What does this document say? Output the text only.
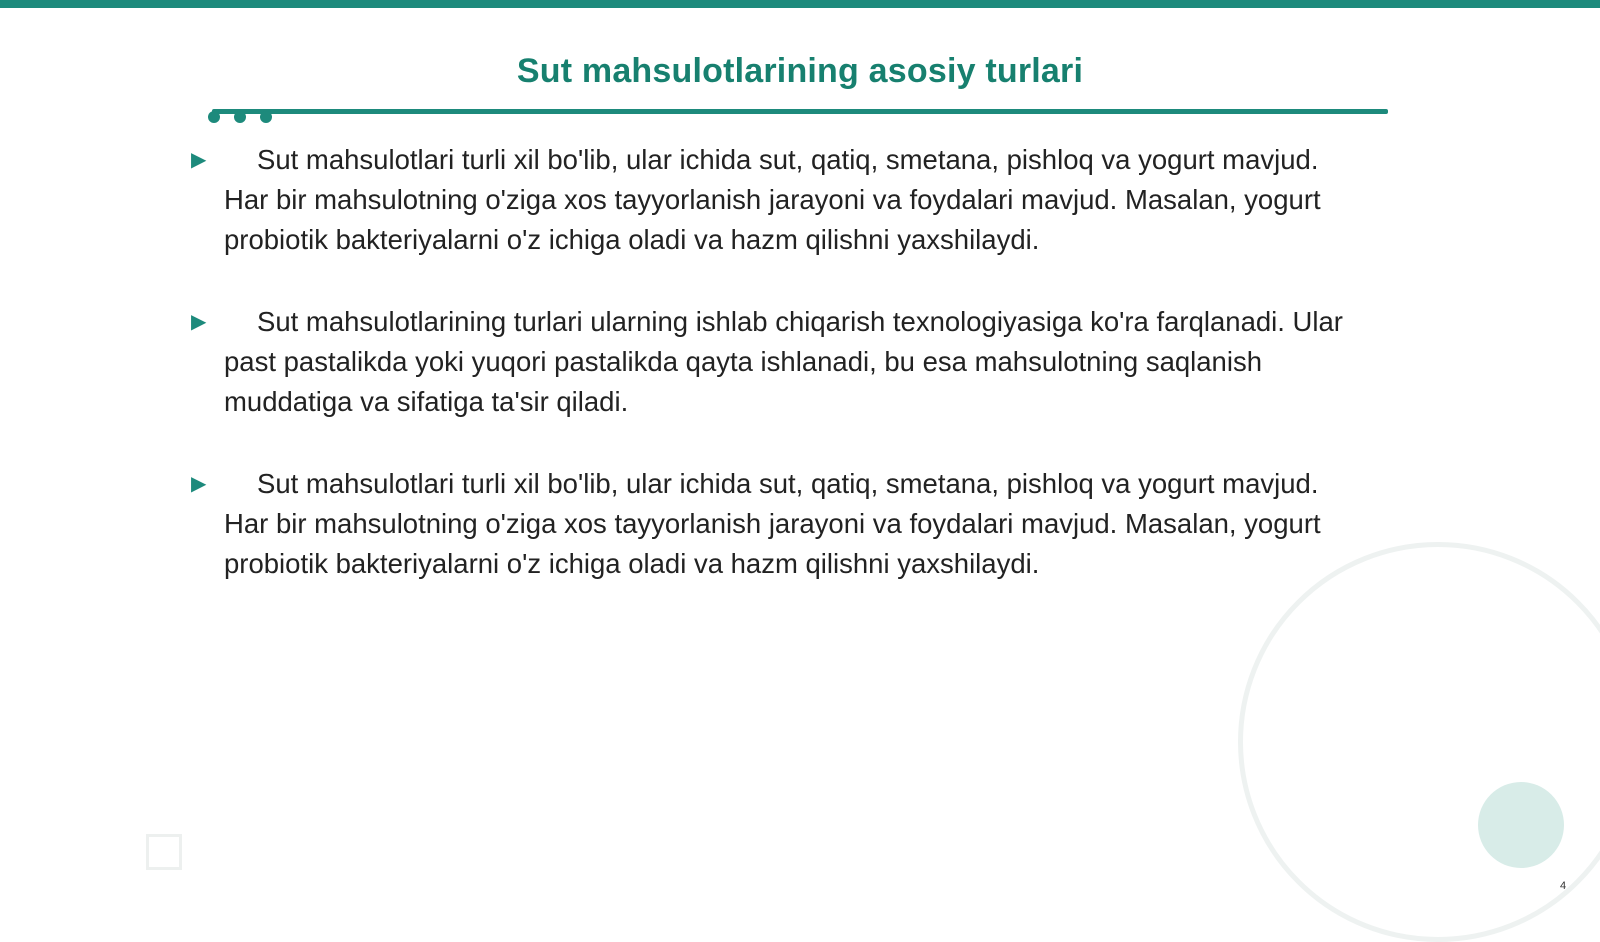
Sut mahsulotlarining asosiy turlari

▶ Sut mahsulotlari turli xil bo'lib, ular ichida sut, qatiq, smetana, pishloq va yogurt mavjud. Har bir mahsulotning o'ziga xos tayyorlanish jarayoni va foydalari mavjud. Masalan, yogurt probiotik bakteriyalarni o'z ichiga oladi va hazm qilishni yaxshilaydi.

▶ Sut mahsulotlarining turlari ularning ishlab chiqarish texnologiyasiga ko'ra farqlanadi. Ular past pastalikda yoki yuqori pastalikda qayta ishlanadi, bu esa mahsulotning saqlanish muddatiga va sifatiga ta'sir qiladi.

▶ Sut mahsulotlari turli xil bo'lib, ular ichida sut, qatiq, smetana, pishloq va yogurt mavjud. Har bir mahsulotning o'ziga xos tayyorlanish jarayoni va foydalari mavjud. Masalan, yogurt probiotik bakteriyalarni o'z ichiga oladi va hazm qilishni yaxshilaydi.

4
